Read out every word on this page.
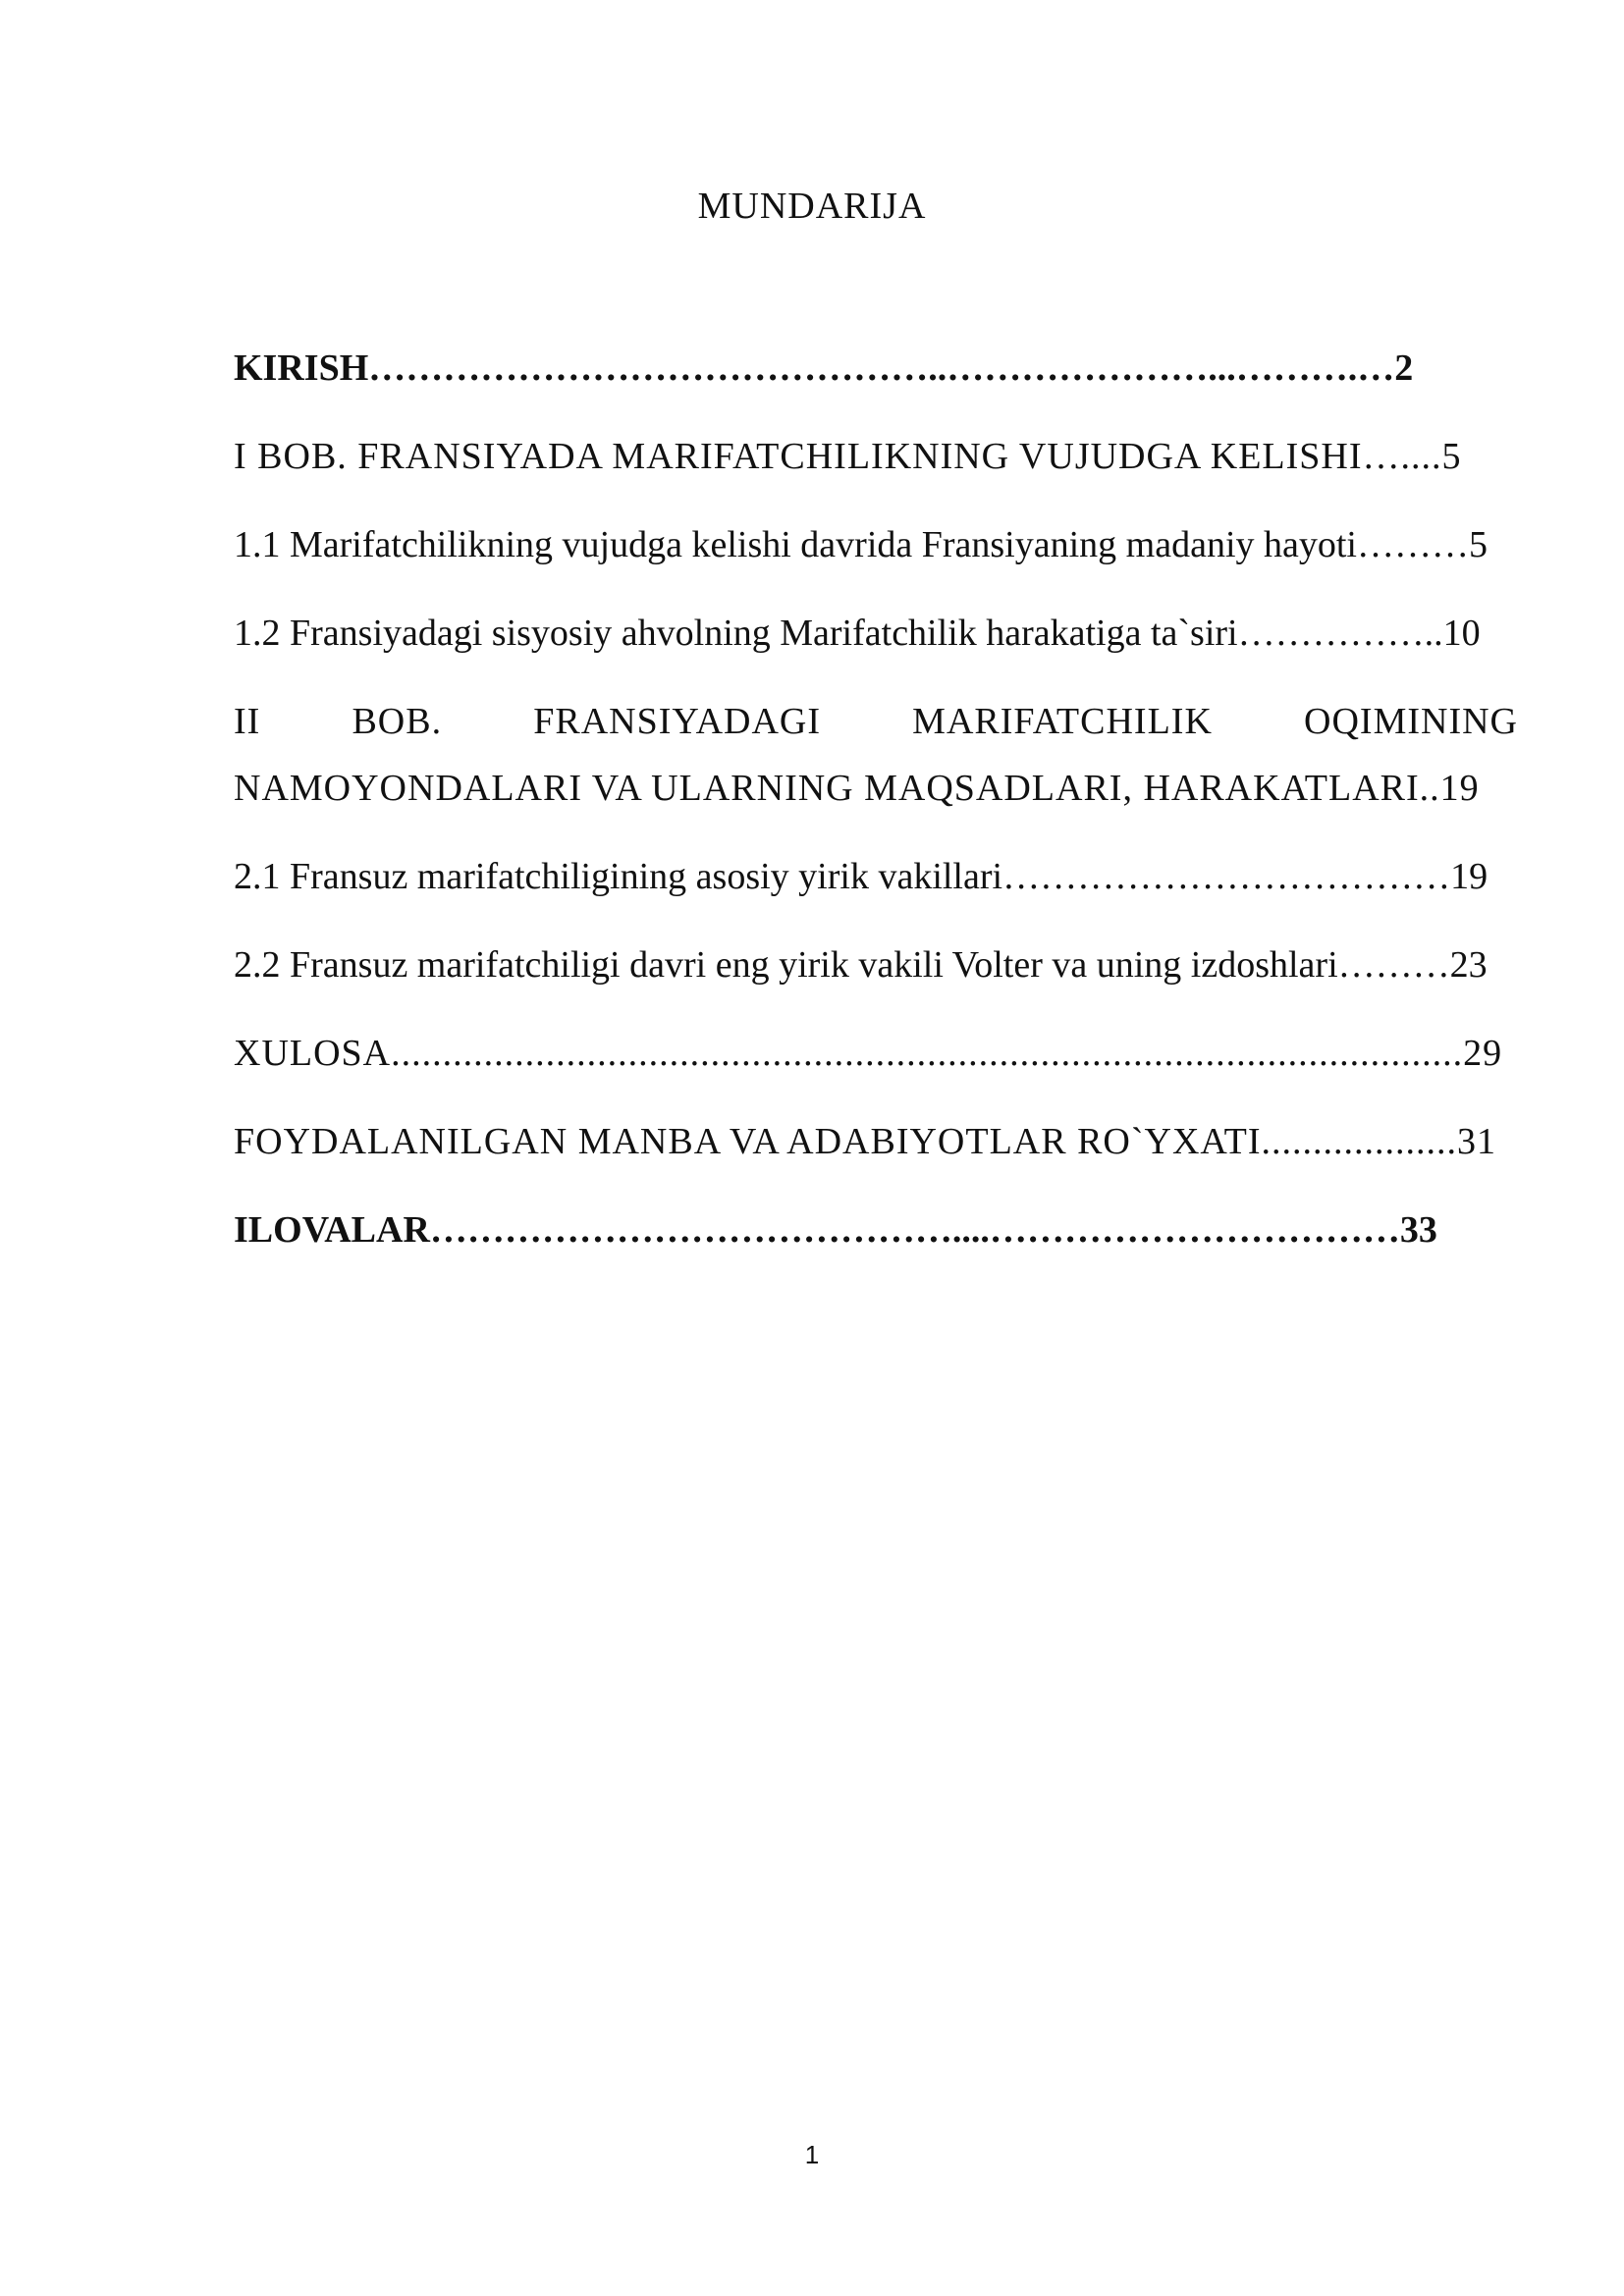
MUNDARIJA
KIRISH………………………………………..…………………...……….…2
I BOB. FRANSIYADA MARIFATCHILIKNING VUJUDGA KELISHI…....5
1.1 Marifatchilikning vujudga kelishi davrida Fransiyaning madaniy hayoti………5
1.2 Fransiyadagi sisyosiy ahvolning Marifatchilik harakatiga ta`siri……………..10
II BOB. FRANSIYADAGI MARIFATCHILIK OQIMINING
NAMOYONDALARI VA ULARNING MAQSADLARI, HARAKATLARI..19
2.1 Fransuz marifatchiligining asosiy yirik vakillari………………………………19
2.2 Fransuz marifatchiligi davri eng yirik vakili Volter va uning izdoshlari………23
XULOSA........................................................................................................29
FOYDALANILGAN MANBA VA ADABIYOTLAR RO`YXATI...................31
ILOVALAR……………………………………....……………………………33
1
